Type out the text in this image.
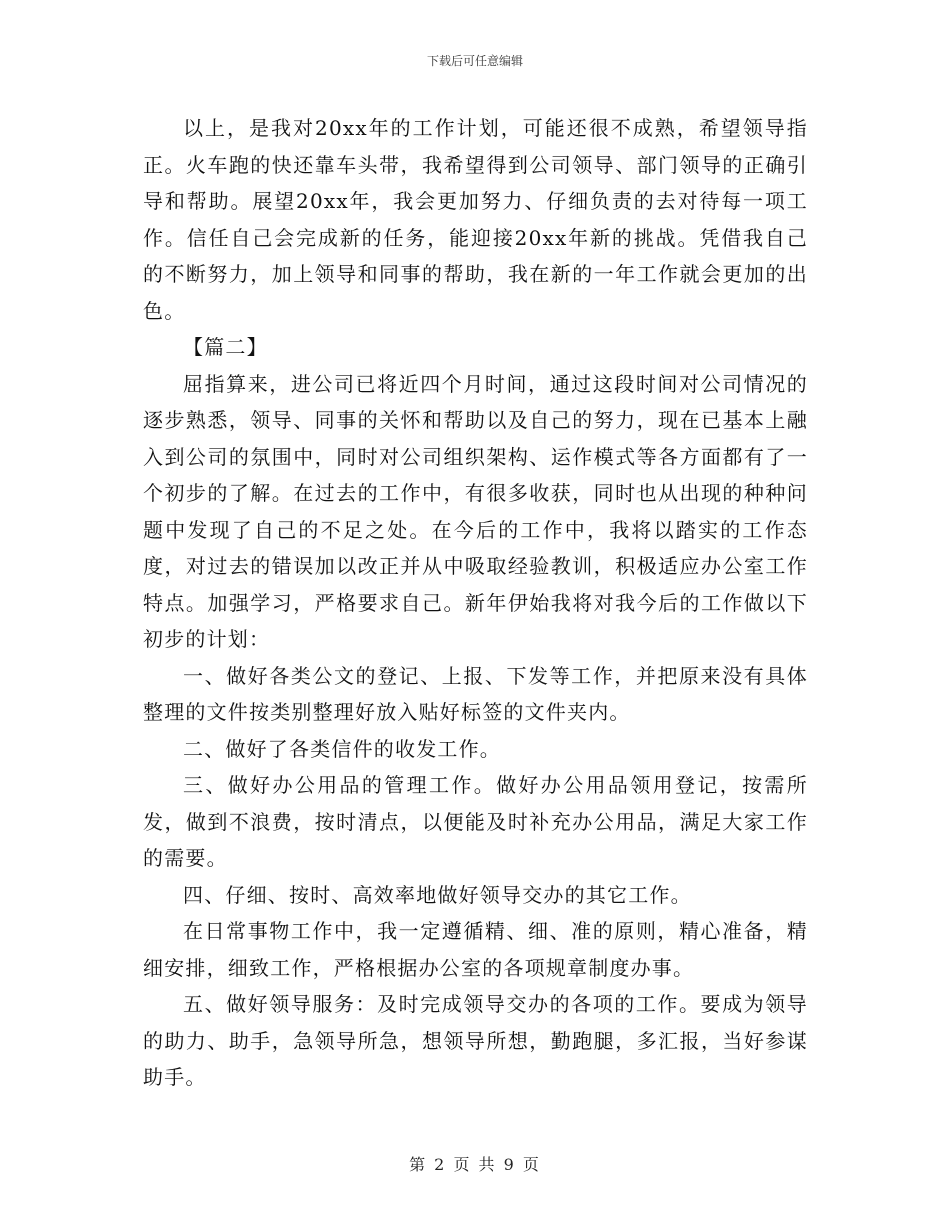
下载后可任意编辑

以上，是我对20xx年的工作计划，可能还很不成熟，希望领导指正。火车跑的快还靠车头带，我希望得到公司领导、部门领导的正确引导和帮助。展望20xx年，我会更加努力、仔细负责的去对待每一项工作。信任自己会完成新的任务，能迎接20xx年新的挑战。凭借我自己的不断努力，加上领导和同事的帮助，我在新的一年工作就会更加的出色。

【篇二】

屈指算来，进公司已将近四个月时间，通过这段时间对公司情况的逐步熟悉，领导、同事的关怀和帮助以及自己的努力，现在已基本上融入到公司的氛围中，同时对公司组织架构、运作模式等各方面都有了一个初步的了解。在过去的工作中，有很多收获，同时也从出现的种种问题中发现了自己的不足之处。在今后的工作中，我将以踏实的工作态度，对过去的错误加以改正并从中吸取经验教训，积极适应办公室工作特点。加强学习，严格要求自己。新年伊始我将对我今后的工作做以下初步的计划：

一、做好各类公文的登记、上报、下发等工作，并把原来没有具体整理的文件按类别整理好放入贴好标签的文件夹内。

二、做好了各类信件的收发工作。

三、做好办公用品的管理工作。做好办公用品领用登记，按需所发，做到不浪费，按时清点，以便能及时补充办公用品，满足大家工作的需要。

四、仔细、按时、高效率地做好领导交办的其它工作。

在日常事物工作中，我一定遵循精、细、准的原则，精心准备，精细安排，细致工作，严格根据办公室的各项规章制度办事。

五、做好领导服务：及时完成领导交办的各项的工作。要成为领导的助力、助手，急领导所急，想领导所想，勤跑腿，多汇报，当好参谋助手。

第 2 页 共 9 页
